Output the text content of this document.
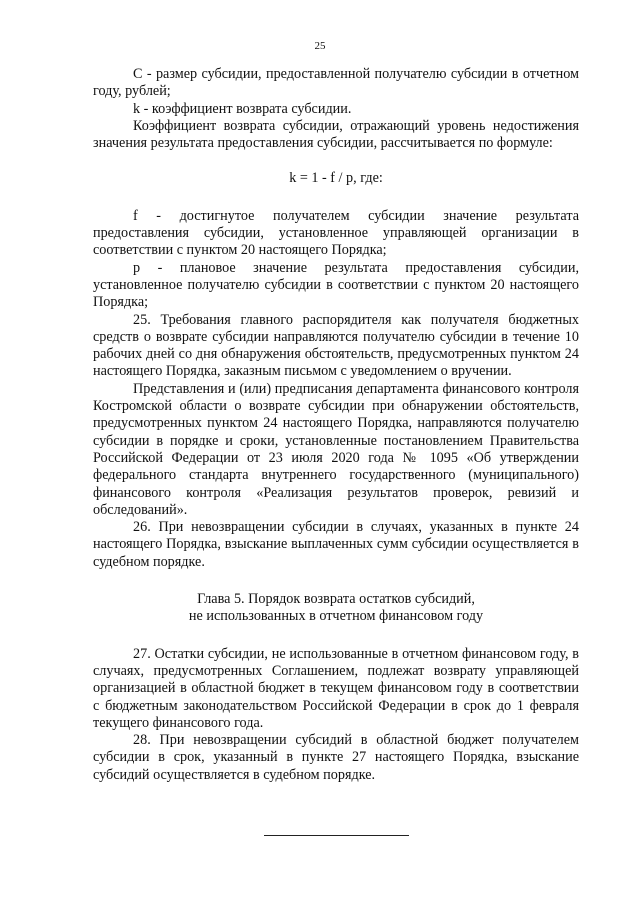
25

C - размер субсидии, предоставленной получателю субсидии в отчетном году, рублей;

k - коэффициент возврата субсидии.

Коэффициент возврата субсидии, отражающий уровень недостижения значения результата предоставления субсидии, рассчитывается по формуле:

k = 1 - f / p, где:

f - достигнутое получателем субсидии значение результата предоставления субсидии, установленное управляющей организации в соответствии с пунктом 20 настоящего Порядка;

p - плановое значение результата предоставления субсидии, установленное получателю субсидии в соответствии с пунктом 20 настоящего Порядка;

25. Требования главного распорядителя как получателя бюджетных средств о возврате субсидии направляются получателю субсидии в течение 10 рабочих дней со дня обнаружения обстоятельств, предусмотренных пунктом 24 настоящего Порядка, заказным письмом с уведомлением о вручении.

Представления и (или) предписания департамента финансового контроля Костромской области о возврате субсидии при обнаружении обстоятельств, предусмотренных пунктом 24 настоящего Порядка, направляются получателю субсидии в порядке и сроки, установленные постановлением Правительства Российской Федерации от 23 июля 2020 года № 1095 «Об утверждении федерального стандарта внутреннего государственного (муниципального) финансового контроля «Реализация результатов проверок, ревизий и обследований».

26. При невозвращении субсидии в случаях, указанных в пункте 24 настоящего Порядка, взыскание выплаченных сумм субсидии осуществляется в судебном порядке.

Глава 5. Порядок возврата остатков субсидий,
не использованных в отчетном финансовом году

27. Остатки субсидии, не использованные в отчетном финансовом году, в случаях, предусмотренных Соглашением, подлежат возврату управляющей организацией в областной бюджет в текущем финансовом году в соответствии с бюджетным законодательством Российской Федерации в срок до 1 февраля текущего финансового года.

28. При невозвращении субсидий в областной бюджет получателем субсидии в срок, указанный в пункте 27 настоящего Порядка, взыскание субсидий осуществляется в судебном порядке.
